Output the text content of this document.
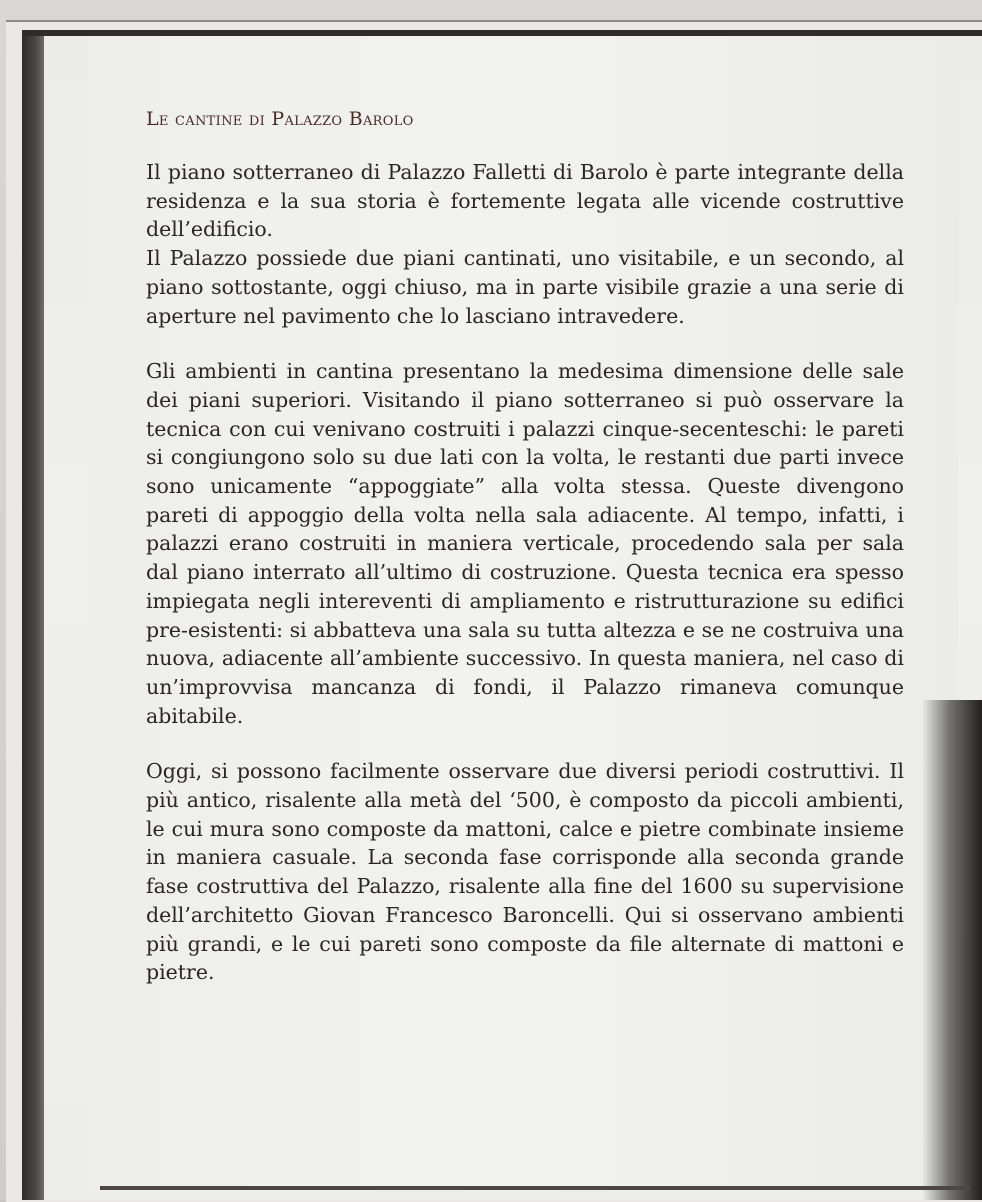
Le cantine di Palazzo Barolo

Il piano sotterraneo di Palazzo Falletti di Barolo è parte integrante della residenza e la sua storia è fortemente legata alle vicende costruttive dell’edificio.

Il Palazzo possiede due piani cantinati, uno visitabile, e un secondo, al piano sottostante, oggi chiuso, ma in parte visibile grazie a una serie di aperture nel pavimento che lo lasciano intravedere.

Gli ambienti in cantina presentano la medesima dimensione delle sale dei piani superiori. Visitando il piano sotterraneo si può osservare la tecnica con cui venivano costruiti i palazzi cinque-secenteschi: le pareti si congiungono solo su due lati con la volta, le restanti due parti invece sono unicamente “appoggiate” alla volta stessa. Queste divengono pareti di appoggio della volta nella sala adiacente. Al tempo, infatti, i palazzi erano costruiti in maniera verticale, procedendo sala per sala dal piano interrato all’ultimo di costruzione. Questa tecnica era spesso impiegata negli intereventi di ampliamento e ristrutturazione su edifici pre-esistenti: si abbatteva una sala su tutta altezza e se ne costruiva una nuova, adiacente all’ambiente successivo. In questa maniera, nel caso di un’improvvisa mancanza di fondi, il Palazzo rimaneva comunque abitabile.

Oggi, si possono facilmente osservare due diversi periodi costruttivi. Il più antico, risalente alla metà del ‘500, è composto da piccoli ambienti, le cui mura sono composte da mattoni, calce e pietre combinate insieme in maniera casuale. La seconda fase corrisponde alla seconda grande fase costruttiva del Palazzo, risalente alla fine del 1600 su supervisione dell’architetto Giovan Francesco Baroncelli. Qui si osservano ambienti più grandi, e le cui pareti sono composte da file alternate di mattoni e pietre.
